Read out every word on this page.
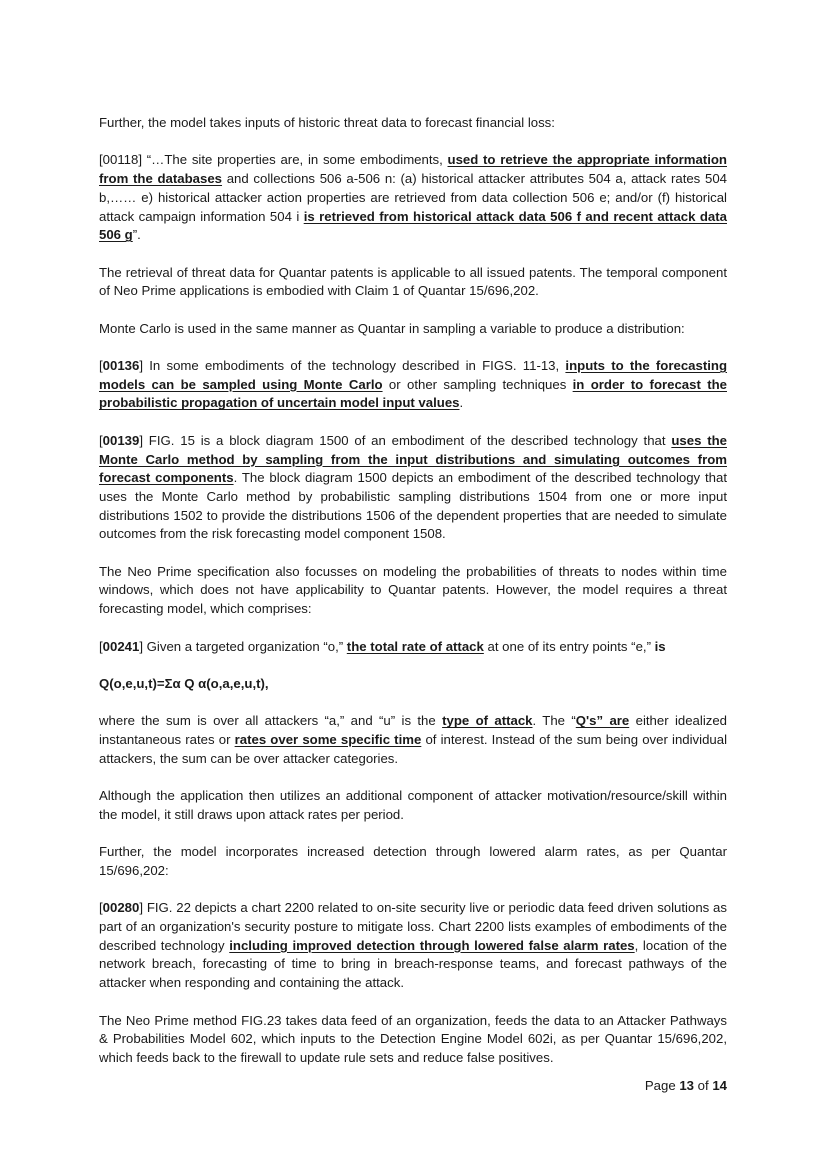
Further, the model takes inputs of historic threat data to forecast financial loss:

[00118] “…The site properties are, in some embodiments, used to retrieve the appropriate information from the databases and collections 506 a-506 n: (a) historical attacker attributes 504 a, attack rates 504 b,…… e) historical attacker action properties are retrieved from data collection 506 e; and/or (f) historical attack campaign information 504 i is retrieved from historical attack data 506 f and recent attack data 506 g”.

The retrieval of threat data for Quantar patents is applicable to all issued patents. The temporal component of Neo Prime applications is embodied with Claim 1 of Quantar 15/696,202.

Monte Carlo is used in the same manner as Quantar in sampling a variable to produce a distribution:

[00136] In some embodiments of the technology described in FIGS. 11-13, inputs to the forecasting models can be sampled using Monte Carlo or other sampling techniques in order to forecast the probabilistic propagation of uncertain model input values.

[00139] FIG. 15 is a block diagram 1500 of an embodiment of the described technology that uses the Monte Carlo method by sampling from the input distributions and simulating outcomes from forecast components. The block diagram 1500 depicts an embodiment of the described technology that uses the Monte Carlo method by probabilistic sampling distributions 1504 from one or more input distributions 1502 to provide the distributions 1506 of the dependent properties that are needed to simulate outcomes from the risk forecasting model component 1508.

The Neo Prime specification also focusses on modeling the probabilities of threats to nodes within time windows, which does not have applicability to Quantar patents. However, the model requires a threat forecasting model, which comprises:

[00241] Given a targeted organization “o,” the total rate of attack at one of its entry points “e,” is

Q(o,e,u,t)=Σα Q α(o,a,e,u,t),

where the sum is over all attackers “a,” and “u” is the type of attack. The “Q's” are either idealized instantaneous rates or rates over some specific time of interest. Instead of the sum being over individual attackers, the sum can be over attacker categories.

Although the application then utilizes an additional component of attacker motivation/resource/skill within the model, it still draws upon attack rates per period.

Further, the model incorporates increased detection through lowered alarm rates, as per Quantar 15/696,202:

[00280] FIG. 22 depicts a chart 2200 related to on-site security live or periodic data feed driven solutions as part of an organization's security posture to mitigate loss. Chart 2200 lists examples of embodiments of the described technology including improved detection through lowered false alarm rates, location of the network breach, forecasting of time to bring in breach-response teams, and forecast pathways of the attacker when responding and containing the attack.

The Neo Prime method FIG.23 takes data feed of an organization, feeds the data to an Attacker Pathways & Probabilities Model 602, which inputs to the Detection Engine Model 602i, as per Quantar 15/696,202, which feeds back to the firewall to update rule sets and reduce false positives.

Page 13 of 14
